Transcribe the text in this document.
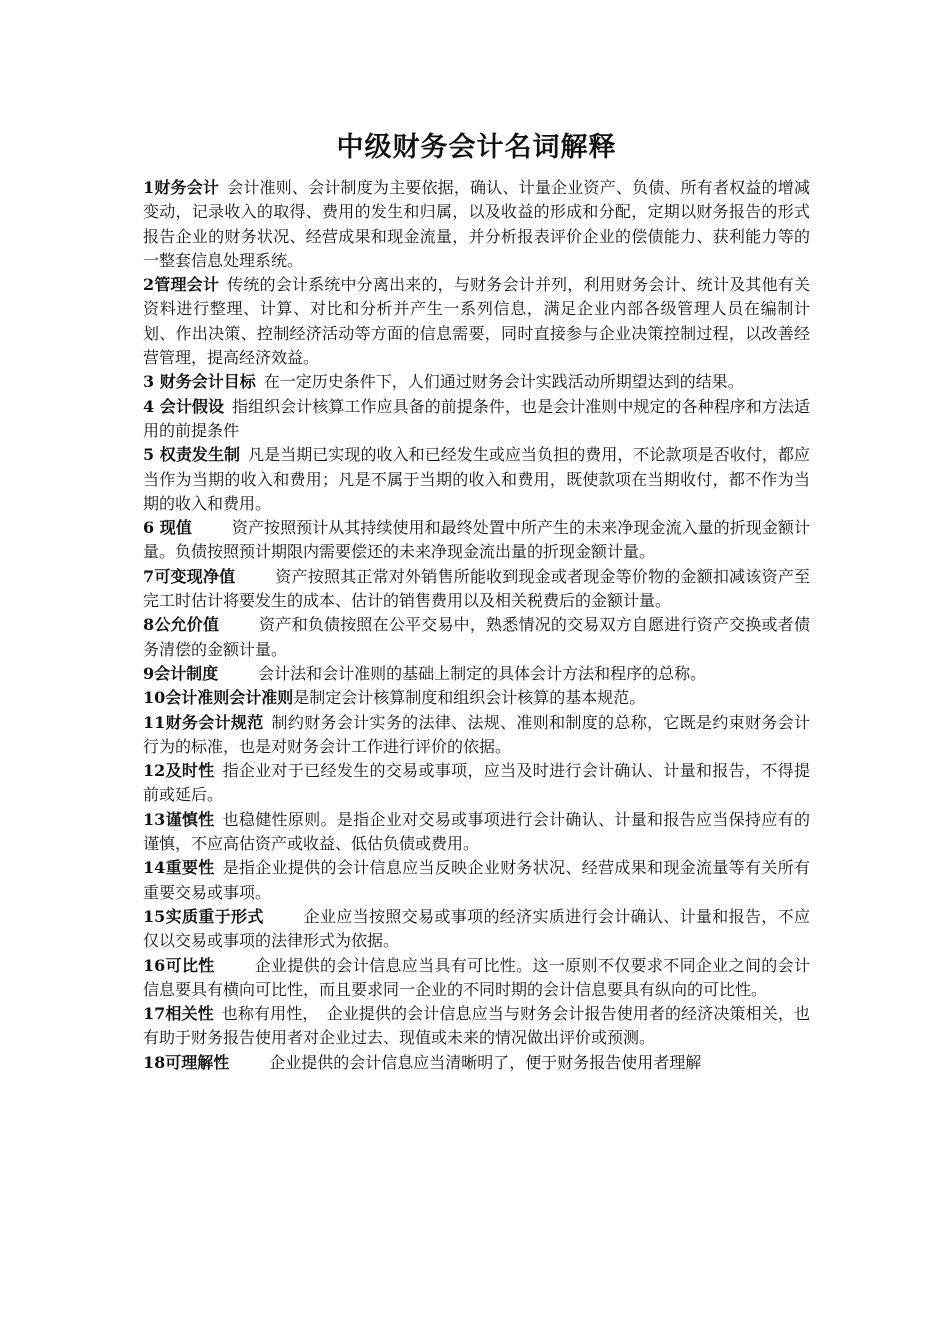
中级财务会计名词解释

1财务会计 会计准则、会计制度为主要依据，确认、计量企业资产、负债、所有者权益的增减变动，记录收入的取得、费用的发生和归属，以及收益的形成和分配，定期以财务报告的形式报告企业的财务状况、经营成果和现金流量，并分析报表评价企业的偿债能力、获利能力等的一整套信息处理系统。

2管理会计 传统的会计系统中分离出来的，与财务会计并列，利用财务会计、统计及其他有关资料进行整理、计算、对比和分析并产生一系列信息，满足企业内部各级管理人员在编制计划、作出决策、控制经济活动等方面的信息需要，同时直接参与企业决策控制过程，以改善经营管理，提高经济效益。

3 财务会计目标 在一定历史条件下，人们通过财务会计实践活动所期望达到的结果。

4 会计假设 指组织会计核算工作应具备的前提条件，也是会计准则中规定的各种程序和方法适用的前提条件

5 权责发生制 凡是当期已实现的收入和已经发生或应当负担的费用，不论款项是否收付，都应当作为当期的收入和费用；凡是不属于当期的收入和费用，既使款项在当期收付，都不作为当期的收入和费用。

6 现值	资产按照预计从其持续使用和最终处置中所产生的未来净现金流入量的折现金额计量。负债按照预计期限内需要偿还的未来净现金流出量的折现金额计量。

7可变现净值	资产按照其正常对外销售所能收到现金或者现金等价物的金额扣减该资产至完工时估计将要发生的成本、估计的销售费用以及相关税费后的金额计量。

8公允价值	资产和负债按照在公平交易中，熟悉情况的交易双方自愿进行资产交换或者债务清偿的金额计量。

9会计制度	会计法和会计准则的基础上制定的具体会计方法和程序的总称。

10会计准则会计准则是制定会计核算制度和组织会计核算的基本规范。

11财务会计规范 制约财务会计实务的法律、法规、准则和制度的总称，它既是约束财务会计行为的标准，也是对财务会计工作进行评价的依据。

12及时性 指企业对于已经发生的交易或事项，应当及时进行会计确认、计量和报告，不得提前或延后。

13谨慎性 也稳健性原则。是指企业对交易或事项进行会计确认、计量和报告应当保持应有的谨慎，不应高估资产或收益、低估负债或费用。

14重要性 是指企业提供的会计信息应当反映企业财务状况、经营成果和现金流量等有关所有重要交易或事项。

15实质重于形式	企业应当按照交易或事项的经济实质进行会计确认、计量和报告，不应仅以交易或事项的法律形式为依据。

16可比性	企业提供的会计信息应当具有可比性。这一原则不仅要求不同企业之间的会计信息要具有横向可比性，而且要求同一企业的不同时期的会计信息要具有纵向的可比性。

17相关性 也称有用性，　企业提供的会计信息应当与财务会计报告使用者的经济决策相关，也有助于财务报告使用者对企业过去、现值或未来的情况做出评价或预测。

18可理解性	企业提供的会计信息应当清晰明了，便于财务报告使用者理解
